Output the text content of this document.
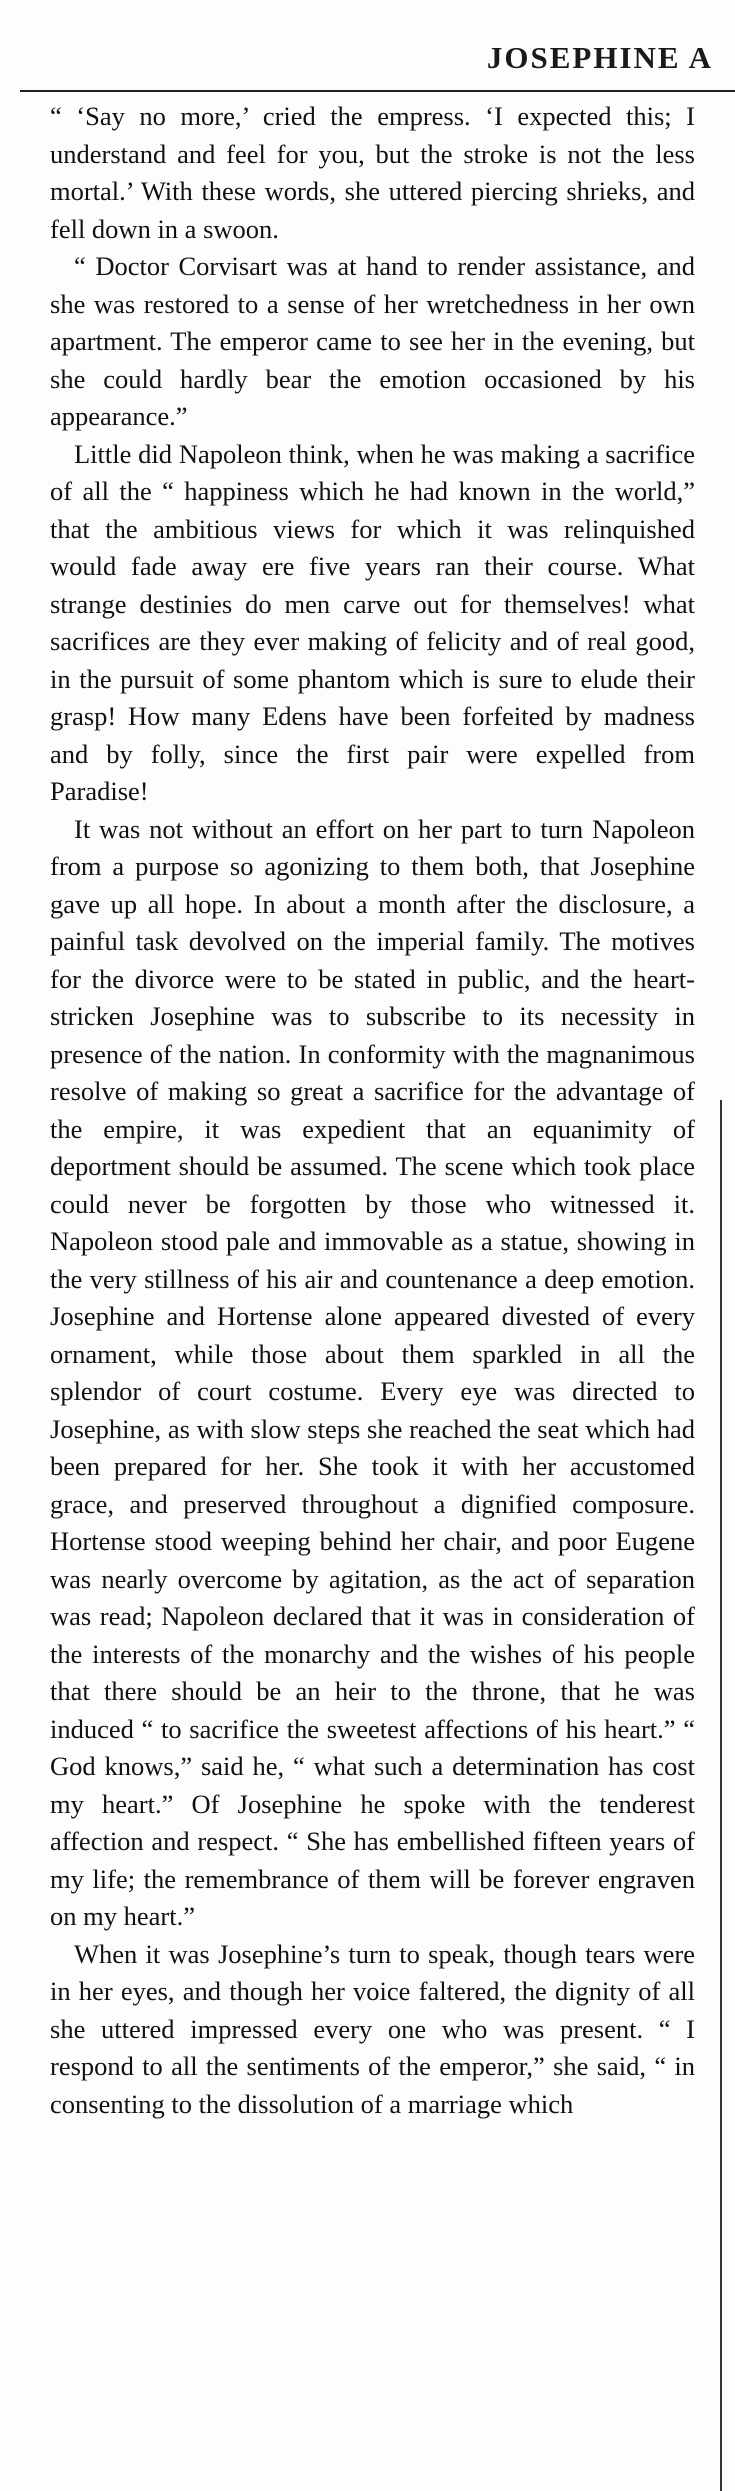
JOSEPHINE A

“ ‘Say no more,’ cried the empress. ‘I expected this; I understand and feel for you, but the stroke is not the less mortal.’ With these words, she uttered piercing shrieks, and fell down in a swoon.

“ Doctor Corvisart was at hand to render assistance, and she was restored to a sense of her wretchedness in her own apartment. The emperor came to see her in the evening, but she could hardly bear the emotion occasioned by his appearance.”

Little did Napoleon think, when he was making a sacrifice of all the “ happiness which he had known in the world,” that the ambitious views for which it was relinquished would fade away ere five years ran their course. What strange destinies do men carve out for themselves! what sacrifices are they ever making of felicity and of real good, in the pursuit of some phantom which is sure to elude their grasp! How many Edens have been forfeited by madness and by folly, since the first pair were expelled from Paradise!

It was not without an effort on her part to turn Napoleon from a purpose so agonizing to them both, that Josephine gave up all hope. In about a month after the disclosure, a painful task devolved on the imperial family. The motives for the divorce were to be stated in public, and the heart-stricken Josephine was to subscribe to its necessity in presence of the nation. In conformity with the magnanimous resolve of making so great a sacrifice for the advantage of the empire, it was expedient that an equanimity of deportment should be assumed. The scene which took place could never be forgotten by those who witnessed it. Napoleon stood pale and immovable as a statue, showing in the very stillness of his air and countenance a deep emotion. Josephine and Hortense alone appeared divested of every ornament, while those about them sparkled in all the splendor of court costume. Every eye was directed to Josephine, as with slow steps she reached the seat which had been prepared for her. She took it with her accustomed grace, and preserved throughout a dignified composure. Hortense stood weeping behind her chair, and poor Eugene was nearly overcome by agitation, as the act of separation was read; Napoleon declared that it was in consideration of the interests of the monarchy and the wishes of his people that there should be an heir to the throne, that he was induced “ to sacrifice the sweetest affections of his heart.” “ God knows,” said he, “ what such a determination has cost my heart.” Of Josephine he spoke with the tenderest affection and respect. “ She has embellished fifteen years of my life; the remembrance of them will be forever engraven on my heart.”

When it was Josephine’s turn to speak, though tears were in her eyes, and though her voice faltered, the dignity of all she uttered impressed every one who was present. “ I respond to all the sentiments of the emperor,” she said, “ in consenting to the dissolution of a marriage which
